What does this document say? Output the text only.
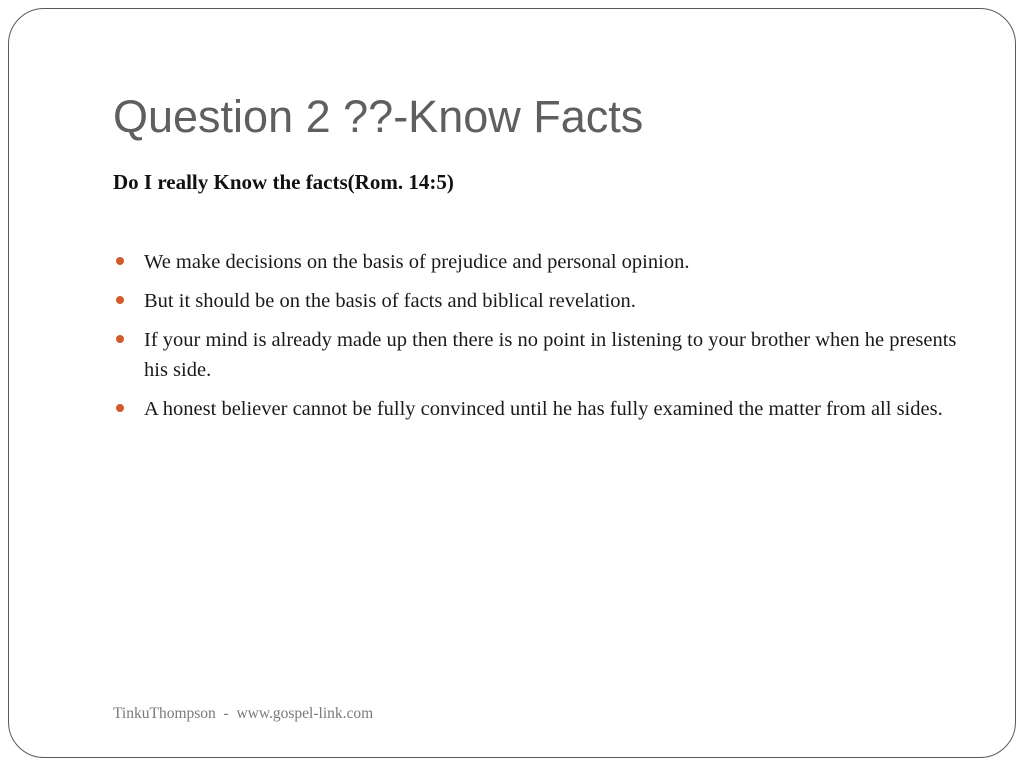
Question 2 ??-Know Facts

Do I really Know the facts(Rom. 14:5)

We make decisions on the basis of prejudice and personal opinion.
But it should be on the basis of facts and biblical revelation.
If your mind is already made up then there is no point in listening to your brother when he presents his side.
A honest believer cannot be fully convinced until he has fully examined the matter from all sides.
TinkuThompson  -  www.gospel-link.com
